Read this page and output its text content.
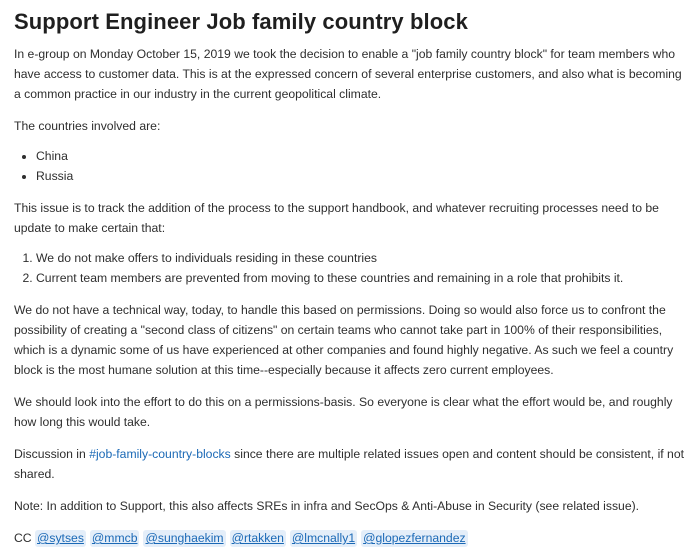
Support Engineer Job family country block

In e-group on Monday October 15, 2019 we took the decision to enable a "job family country block" for team members who have access to customer data. This is at the expressed concern of several enterprise customers, and also what is becoming a common practice in our industry in the current geopolitical climate.

The countries involved are:

• China
• Russia

This issue is to track the addition of the process to the support handbook, and whatever recruiting processes need to be update to make certain that:

1. We do not make offers to individuals residing in these countries
2. Current team members are prevented from moving to these countries and remaining in a role that prohibits it.

We do not have a technical way, today, to handle this based on permissions. Doing so would also force us to confront the possibility of creating a "second class of citizens" on certain teams who cannot take part in 100% of their responsibilities, which is a dynamic some of us have experienced at other companies and found highly negative. As such we feel a country block is the most humane solution at this time--especially because it affects zero current employees.

We should look into the effort to do this on a permissions-basis. So everyone is clear what the effort would be, and roughly how long this would take.

Discussion in #job-family-country-blocks since there are multiple related issues open and content should be consistent, if not shared.

Note: In addition to Support, this also affects SREs in infra and SecOps & Anti-Abuse in Security (see related issue).

CC @sytses @mmcb @sunghaekim @rtakken @lmcnally1 @glopezfernandez
